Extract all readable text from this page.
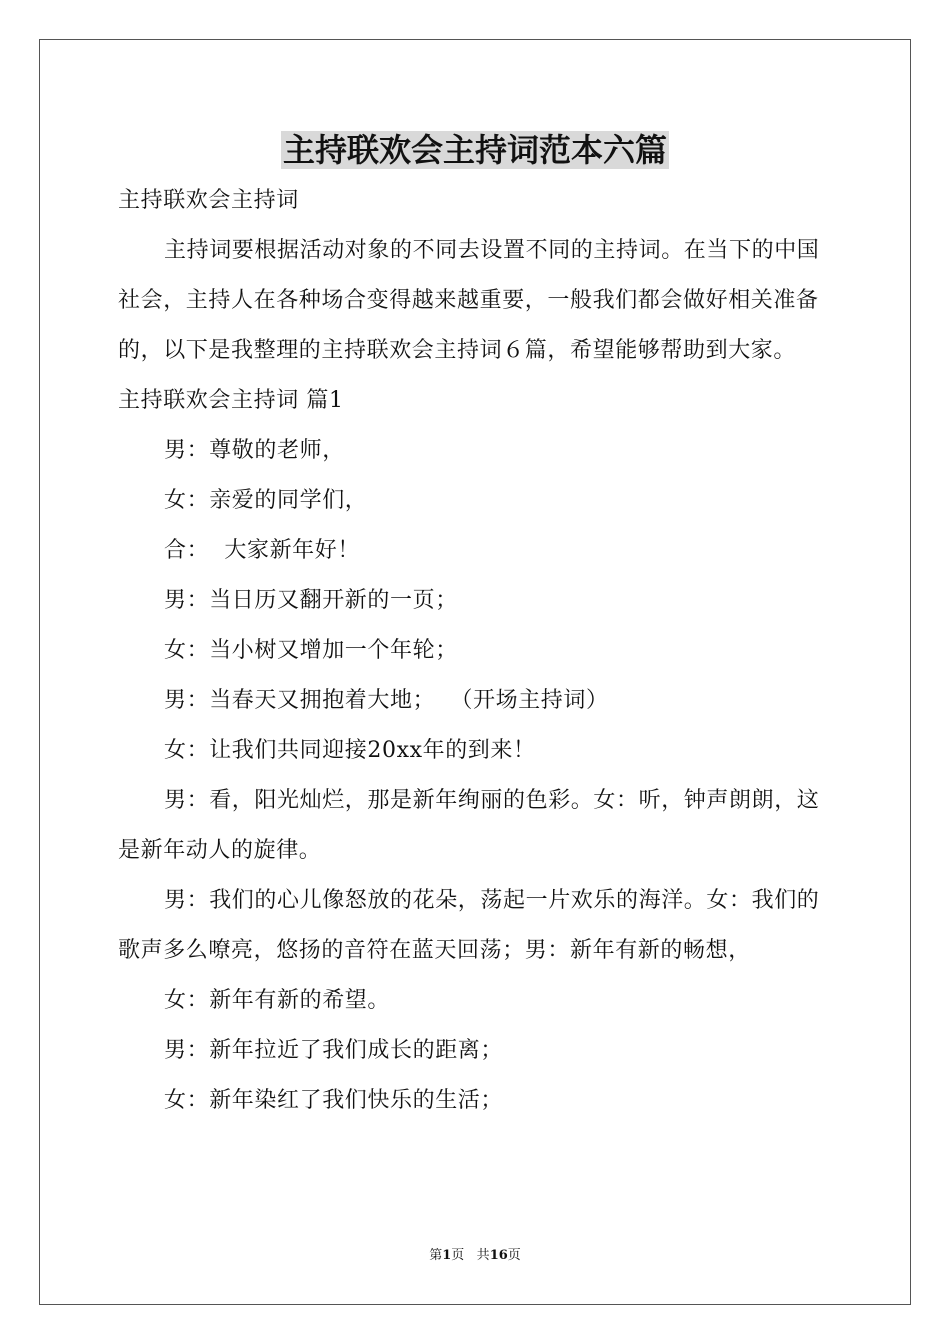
主持联欢会主持词范本六篇

主持联欢会主持词

主持词要根据活动对象的不同去设置不同的主持词。在当下的中国社会，主持人在各种场合变得越来越重要，一般我们都会做好相关准备的，以下是我整理的主持联欢会主持词６篇，希望能够帮助到大家。

主持联欢会主持词 篇1

男：尊敬的老师，

女：亲爱的同学们，

合：  大家新年好！

男：当日历又翻开新的一页；

女：当小树又增加一个年轮；

男：当春天又拥抱着大地；  （开场主持词）

女：让我们共同迎接20xx年的到来！

男：看，阳光灿烂，那是新年绚丽的色彩。女：听，钟声朗朗，这是新年动人的旋律。

男：我们的心儿像怒放的花朵，荡起一片欢乐的海洋。女：我们的歌声多么嘹亮，悠扬的音符在蓝天回荡；男：新年有新的畅想，

女：新年有新的希望。

男：新年拉近了我们成长的距离；

女：新年染红了我们快乐的生活；

第1页 共16页
